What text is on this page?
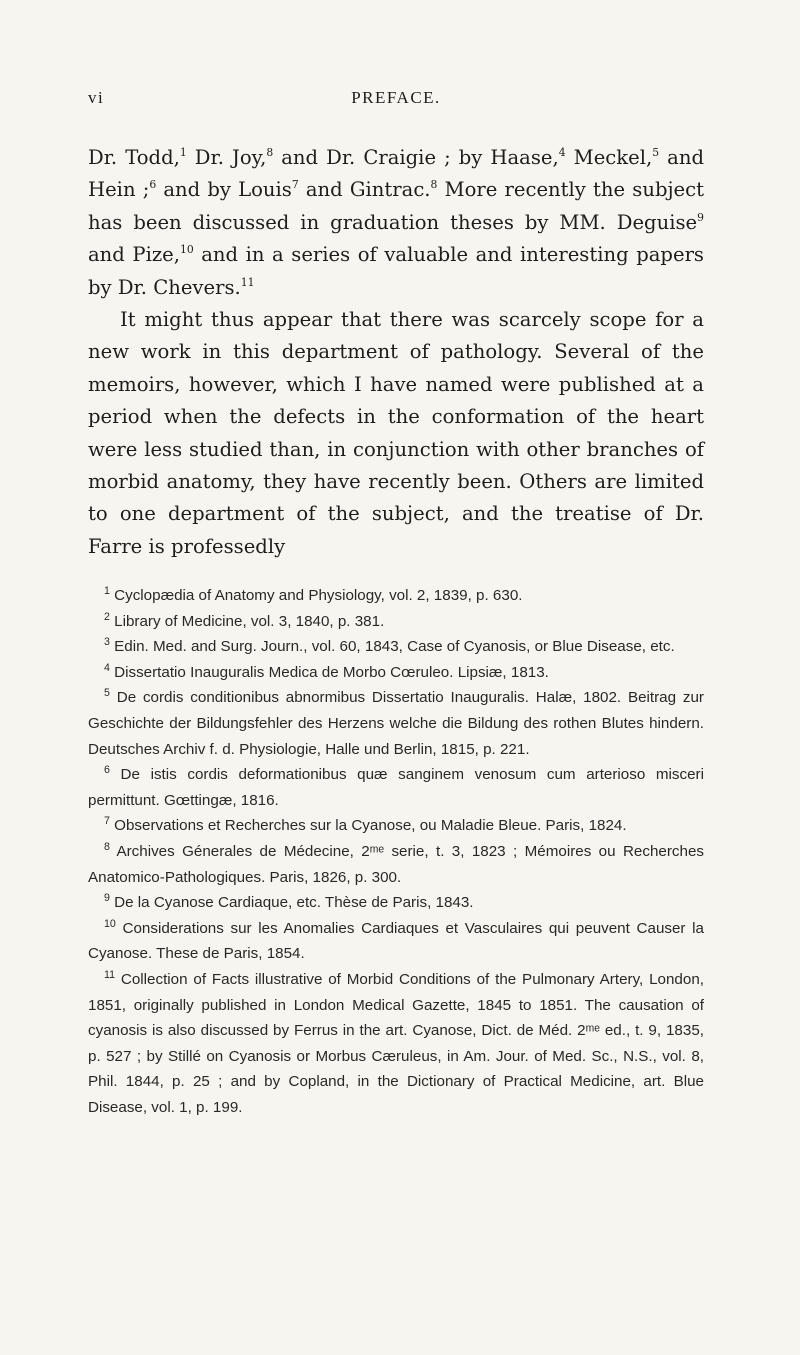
vi	PREFACE.

Dr. Todd,$^1$ Dr. Joy,$^8$ and Dr. Craigie ; by Haase,$^4$ Meckel,$^5$ and Hein ;$^6$ and by Louis$^7$ and Gintrac.$^8$ More recently the subject has been discussed in graduation theses by MM. Deguise$^9$ and Pize,$^{10}$ and in a series of valuable and interesting papers by Dr. Chevers.$^{11}$

It might thus appear that there was scarcely scope for a new work in this department of pathology. Several of the memoirs, however, which I have named were published at a period when the defects in the conformation of the heart were less studied than, in conjunction with other branches of morbid anatomy, they have recently been. Others are limited to one department of the subject, and the treatise of Dr. Farre is professedly

$^1$ Cyclopædia of Anatomy and Physiology, vol. 2, 1839, p. 630.

$^2$ Library of Medicine, vol. 3, 1840, p. 381.

$^3$ Edin. Med. and Surg. Journ., vol. 60, 1843, Case of Cyanosis, or Blue Disease, etc.

$^4$ Dissertatio Inauguralis Medica de Morbo Cœruleo. Lipsiæ, 1813.

$^5$ De cordis conditionibus abnormibus Dissertatio Inauguralis. Halæ, 1802. Beitrag zur Geschichte der Bildungsfehler des Herzens welche die Bildung des rothen Blutes hindern. Deutsches Archiv f. d. Physiologie, Halle und Berlin, 1815, p. 221.

$^6$ De istis cordis deformationibus quæ sanginem venosum cum arterioso misceri permittunt. Gœttingæ, 1816.

$^7$ Observations et Recherches sur la Cyanose, ou Maladie Bleue. Paris, 1824.

$^8$ Archives Génerales de Médecine, 2ᵐᵉ serie, t. 3, 1823 ; Mémoires ou Recherches Anatomico-Pathologiques. Paris, 1826, p. 300.

$^9$ De la Cyanose Cardiaque, etc. Thèse de Paris, 1843.

$^{10}$ Considerations sur les Anomalies Cardiaques et Vasculaires qui peuvent Causer la Cyanose. These de Paris, 1854.

$^{11}$ Collection of Facts illustrative of Morbid Conditions of the Pulmonary Artery, London, 1851, originally published in London Medical Gazette, 1845 to 1851. The causation of cyanosis is also discussed by Ferrus in the art. Cyanose, Dict. de Méd. 2ᵐᵉ ed., t. 9, 1835, p. 527 ; by Stillé on Cyanosis or Morbus Cæruleus, in Am. Jour. of Med. Sc., N.S., vol. 8, Phil. 1844, p. 25 ; and by Copland, in the Dictionary of Practical Medicine, art. Blue Disease, vol. 1, p. 199.
